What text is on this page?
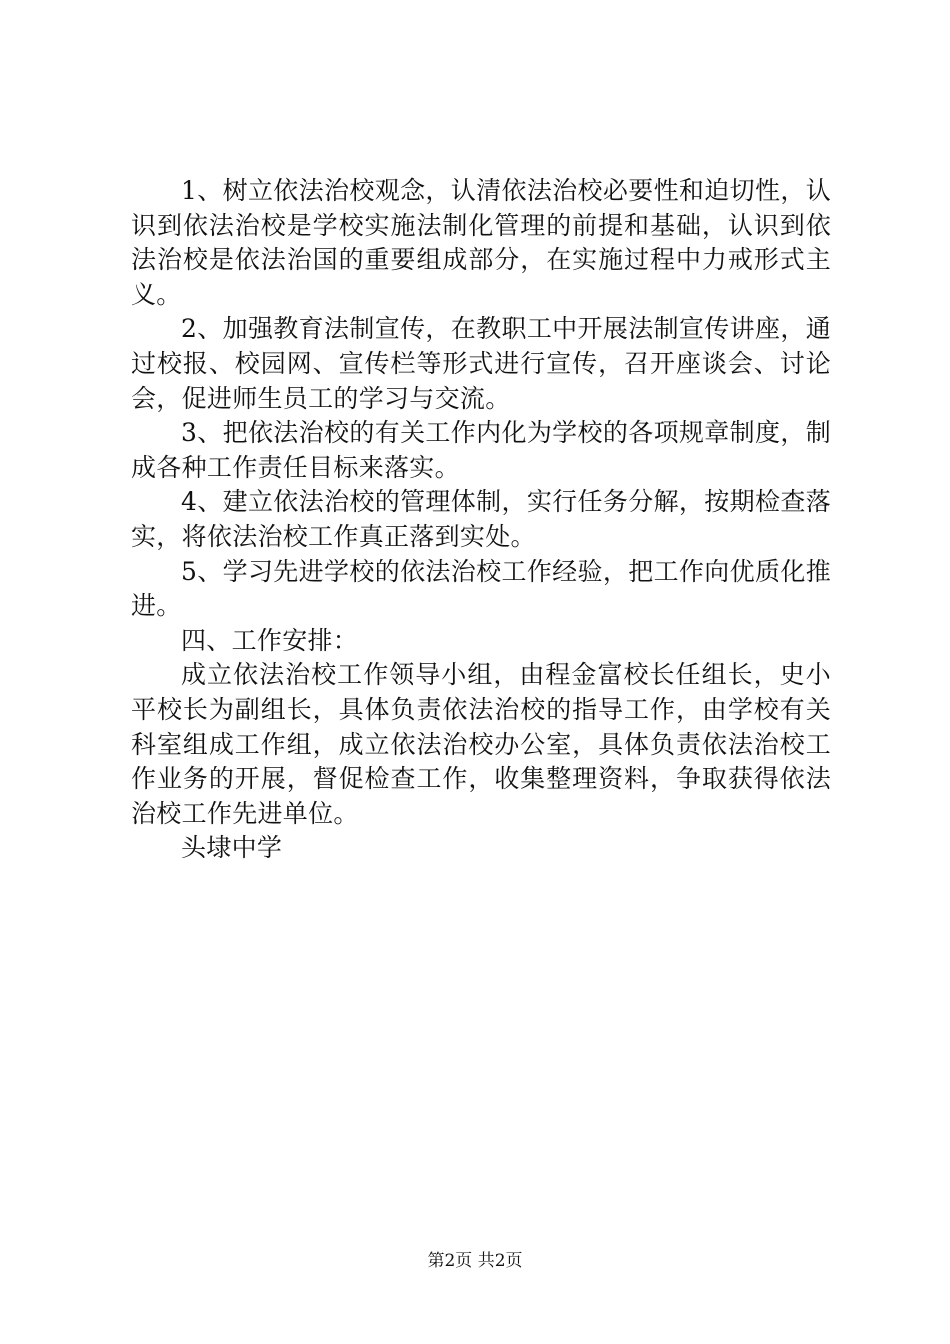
1、树立依法治校观念，认清依法治校必要性和迫切性，认识到依法治校是学校实施法制化管理的前提和基础，认识到依法治校是依法治国的重要组成部分，在实施过程中力戒形式主义。

2、加强教育法制宣传，在教职工中开展法制宣传讲座，通过校报、校园网、宣传栏等形式进行宣传，召开座谈会、讨论会，促进师生员工的学习与交流。

3、把依法治校的有关工作内化为学校的各项规章制度，制成各种工作责任目标来落实。

4、建立依法治校的管理体制，实行任务分解，按期检查落实，将依法治校工作真正落到实处。

5、学习先进学校的依法治校工作经验，把工作向优质化推进。

四、工作安排：

成立依法治校工作领导小组，由程金富校长任组长，史小平校长为副组长，具体负责依法治校的指导工作，由学校有关科室组成工作组，成立依法治校办公室，具体负责依法治校工作业务的开展，督促检查工作，收集整理资料，争取获得依法治校工作先进单位。

头埭中学

第2页 共2页
